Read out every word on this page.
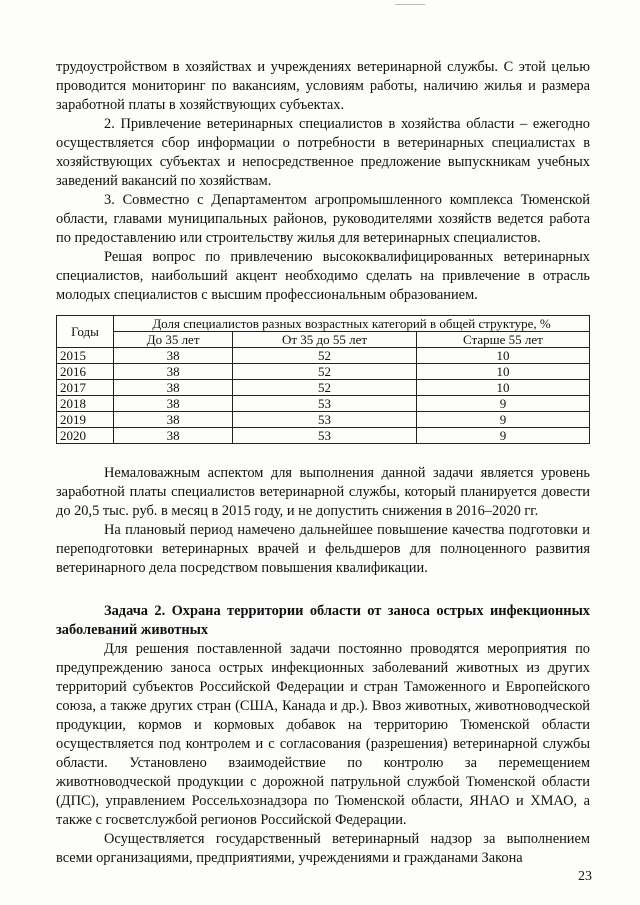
трудоустройством в хозяйствах и учреждениях ветеринарной службы. С этой целью проводится мониторинг по вакансиям, условиям работы, наличию жилья и размера заработной платы в хозяйствующих субъектах.

2. Привлечение ветеринарных специалистов в хозяйства области – ежегодно осуществляется сбор информации о потребности в ветеринарных специалистах в хозяйствующих субъектах и непосредственное предложение выпускникам учебных заведений вакансий по хозяйствам.

3. Совместно с Департаментом агропромышленного комплекса Тюменской области, главами муниципальных районов, руководителями хозяйств ведется работа по предоставлению или строительству жилья для ветеринарных специалистов.

Решая вопрос по привлечению высококвалифицированных ветеринарных специалистов, наибольший акцент необходимо сделать на привлечение в отрасль молодых специалистов с высшим профессиональным образованием.

Годы	Доля специалистов разных возрастных категорий в общей структуре, %		
	До 35 лет	От 35 до 55 лет	Старше 55 лет
2015	38	52	10
2016	38	52	10
2017	38	52	10
2018	38	53	9
2019	38	53	9
2020	38	53	9

Немаловажным аспектом для выполнения данной задачи является уровень заработной платы специалистов ветеринарной службы, который планируется довести до 20,5 тыс. руб. в месяц в 2015 году, и не допустить снижения в 2016–2020 гг.

На плановый период намечено дальнейшее повышение качества подготовки и переподготовки ветеринарных врачей и фельдшеров для полноценного развития ветеринарного дела посредством повышения квалификации.

Задача 2. Охрана территории области от заноса острых инфекционных заболеваний животных

Для решения поставленной задачи постоянно проводятся мероприятия по предупреждению заноса острых инфекционных заболеваний животных из других территорий субъектов Российской Федерации и стран Таможенного и Европейского союза, а также других стран (США, Канада и др.). Ввоз животных, животноводческой продукции, кормов и кормовых добавок на территорию Тюменской области осуществляется под контролем и с согласования (разрешения) ветеринарной службы области. Установлено взаимодействие по контролю за перемещением животноводческой продукции с дорожной патрульной службой Тюменской области (ДПС), управлением Россельхознадзора по Тюменской области, ЯНАО и ХМАО, а также с госветслужбой регионов Российской Федерации.

Осуществляется государственный ветеринарный надзор за выполнением всеми организациями, предприятиями, учреждениями и гражданами Закона

23
